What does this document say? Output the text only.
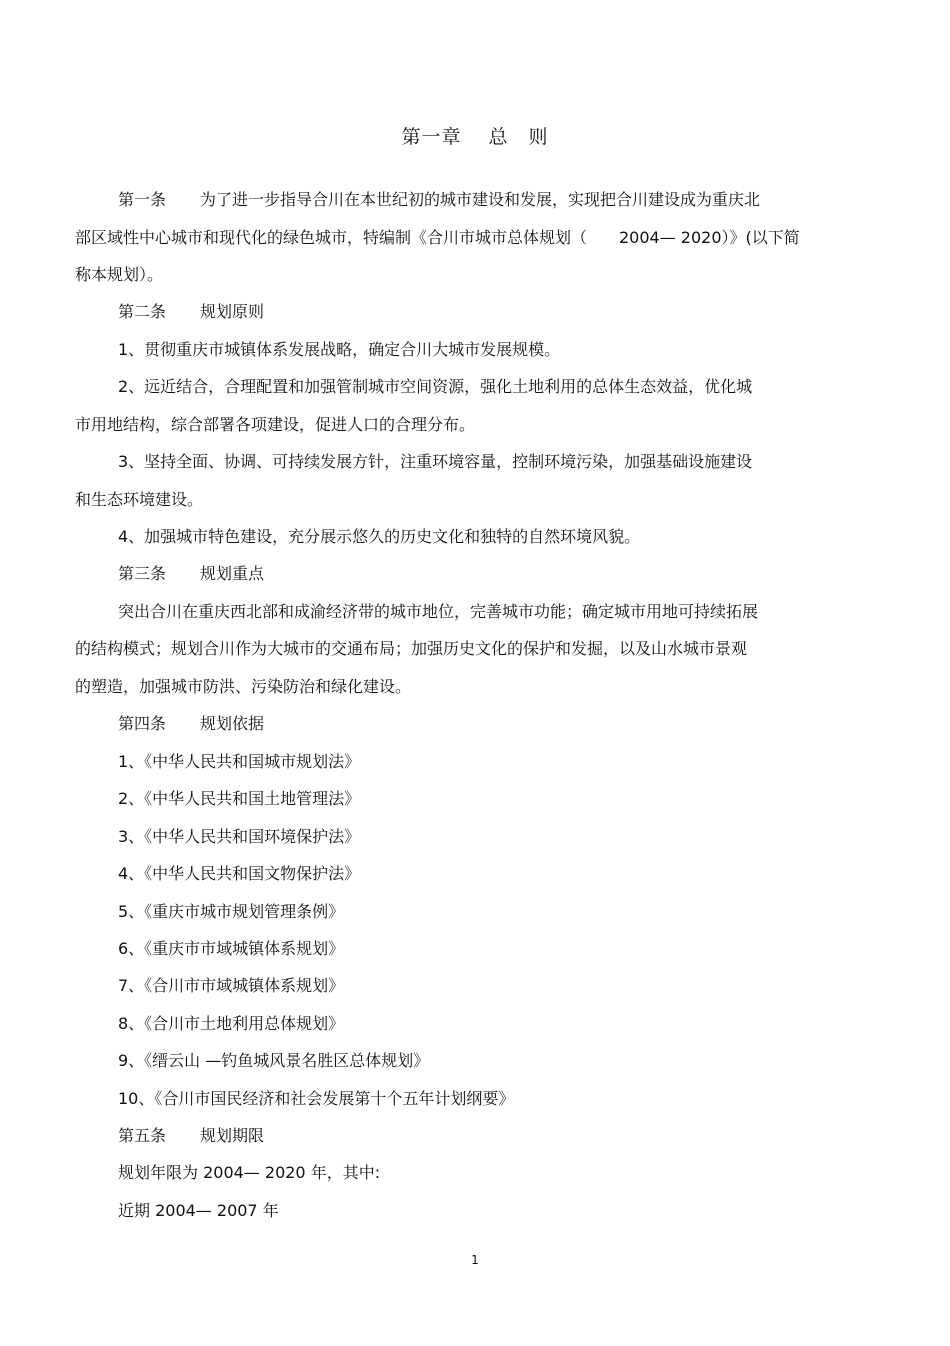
第一章　 总　则
第一条 为了进一步指导合川在本世纪初的城市建设和发展，实现把合川建设成为重庆北
部区域性中心城市和现代化的绿色城市，特编制《合川市城市总体规划（　　2004— 2020）》(以下简
称本规划）。
第二条 规划原则
1、贯彻重庆市城镇体系发展战略，确定合川大城市发展规模。
2、远近结合，合理配置和加强管制城市空间资源，强化土地利用的总体生态效益，优化城
市用地结构，综合部署各项建设，促进人口的合理分布。
3、坚持全面、协调、可持续发展方针，注重环境容量，控制环境污染，加强基础设施建设
和生态环境建设。
4、加强城市特色建设，充分展示悠久的历史文化和独特的自然环境风貌。
第三条 规划重点
突出合川在重庆西北部和成渝经济带的城市地位，完善城市功能；确定城市用地可持续拓展
的结构模式；规划合川作为大城市的交通布局；加强历史文化的保护和发掘，以及山水城市景观
的塑造，加强城市防洪、污染防治和绿化建设。
第四条 规划依据
1、《中华人民共和国城市规划法》
2、《中华人民共和国土地管理法》
3、《中华人民共和国环境保护法》
4、《中华人民共和国文物保护法》
5、《重庆市城市规划管理条例》
6、《重庆市市域城镇体系规划》
7、《合川市市域城镇体系规划》
8、《合川市土地利用总体规划》
9、《缙云山 —钓鱼城风景名胜区总体规划》
10、《合川市国民经济和社会发展第十个五年计划纲要》
第五条 规划期限
规划年限为 2004— 2020 年，其中:
近期 2004— 2007 年
1
